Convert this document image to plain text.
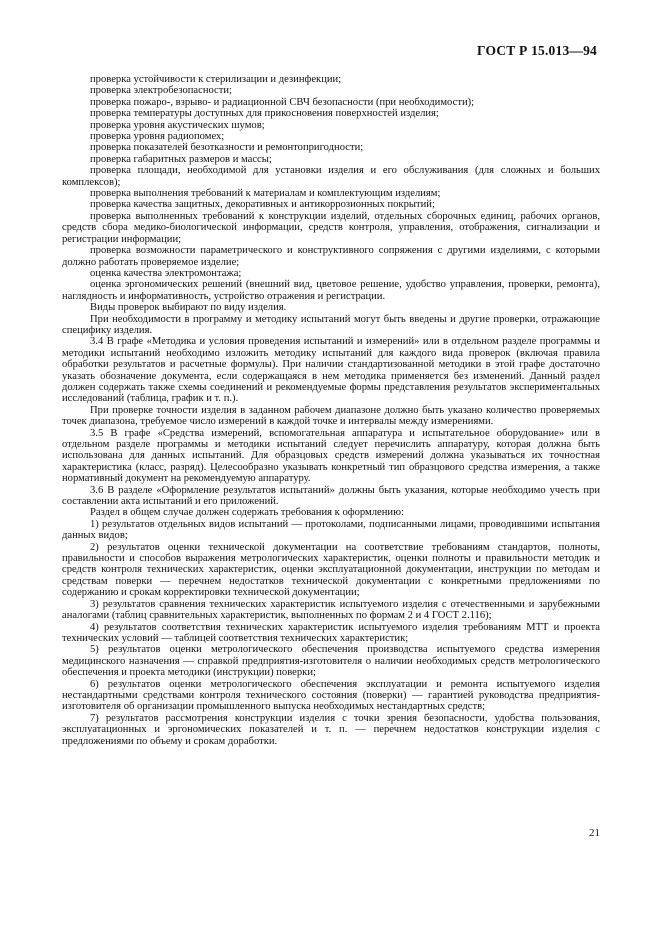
ГОСТ Р 15.013—94

проверка устойчивости к стерилизации и дезинфекции;

проверка электробезопасности;

проверка пожаро-, взрыво- и радиационной СВЧ безопасности (при необходимости);

проверка температуры доступных для прикосновения поверхностей изделия;

проверка уровня акустических шумов;

проверка уровня радиопомех;

проверка показателей безотказности и ремонтопригодности;

проверка габаритных размеров и массы;

проверка площади, необходимой для установки изделия и его обслуживания (для сложных и больших комплексов);

проверка выполнения требований к материалам и комплектующим изделиям;

проверка качества защитных, декоративных и антикоррозионных покрытий;

проверка выполненных требований к конструкции изделий, отдельных сборочных единиц, рабочих органов, средств сбора медико-биологической информации, средств контроля, управления, отображения, сигнализации и регистрации информации;

проверка возможности параметрического и конструктивного сопряжения с другими изделиями, с которыми должно работать проверяемое изделие;

оценка качества электромонтажа;

оценка эргономических решений (внешний вид, цветовое решение, удобство управления, проверки, ремонта), наглядность и информативность, устройство отражения и регистрации.

Виды проверок выбирают по виду изделия.

При необходимости в программу и методику испытаний могут быть введены и другие проверки, отражающие специфику изделия.

3.4 В графе «Методика и условия проведения испытаний и измерений» или в отдельном разделе программы и методики испытаний необходимо изложить методику испытаний для каждого вида проверок (включая правила обработки результатов и расчетные формулы). При наличии стандартизованной методики в этой графе достаточно указать обозначение документа, если содержащаяся в нем методика применяется без изменений. Данный раздел должен содержать также схемы соединений и рекомендуемые формы представления результатов экспериментальных исследований (таблица, график и т. п.).

При проверке точности изделия в заданном рабочем диапазоне должно быть указано количество проверяемых точек диапазона, требуемое число измерений в каждой точке и интервалы между измерениями.

3.5 В графе «Средства измерений, вспомогательная аппаратура и испытательное оборудование» или в отдельном разделе программы и методики испытаний следует перечислить аппаратуру, которая должна быть использована для данных испытаний. Для образцовых средств измерений должна указываться их точностная характеристика (класс, разряд). Целесообразно указывать конкретный тип образцового средства измерения, а также нормативный документ на рекомендуемую аппаратуру.

3.6 В разделе «Оформление результатов испытаний» должны быть указания, которые необходимо учесть при составлении акта испытаний и его приложений.

Раздел в общем случае должен содержать требования к оформлению:

1) результатов отдельных видов испытаний — протоколами, подписанными лицами, проводившими испытания данных видов;

2) результатов оценки технической документации на соответствие требованиям стандартов, полноты, правильности и способов выражения метрологических характеристик, оценки полноты и правильности методик и средств контроля технических характеристик, оценки эксплуатационной документации, инструкции по методам и средствам поверки — перечнем недостатков технической документации с конкретными предложениями по содержанию и срокам корректировки технической документации;

3) результатов сравнения технических характеристик испытуемого изделия с отечественными и зарубежными аналогами (таблиц сравнительных характеристик, выполненных по формам 2 и 4 ГОСТ 2.116);

4) результатов соответствия технических характеристик испытуемого изделия требованиям МТТ и проекта технических условий — таблицей соответствия технических характеристик;

5) результатов оценки метрологического обеспечения производства испытуемого средства измерения медицинского назначения — справкой предприятия-изготовителя о наличии необходимых средств метрологического обеспечения и проекта методики (инструкции) поверки;

6) результатов оценки метрологического обеспечения эксплуатации и ремонта испытуемого изделия нестандартными средствами контроля технического состояния (поверки) — гарантией руководства предприятия-изготовителя об организации промышленного выпуска необходимых нестандартных средств;

7) результатов рассмотрения конструкции изделия с точки зрения безопасности, удобства пользования, эксплуатационных и эргономических показателей и т. п. — перечнем недостатков конструкции изделия с предложениями по объему и срокам доработки.

21
